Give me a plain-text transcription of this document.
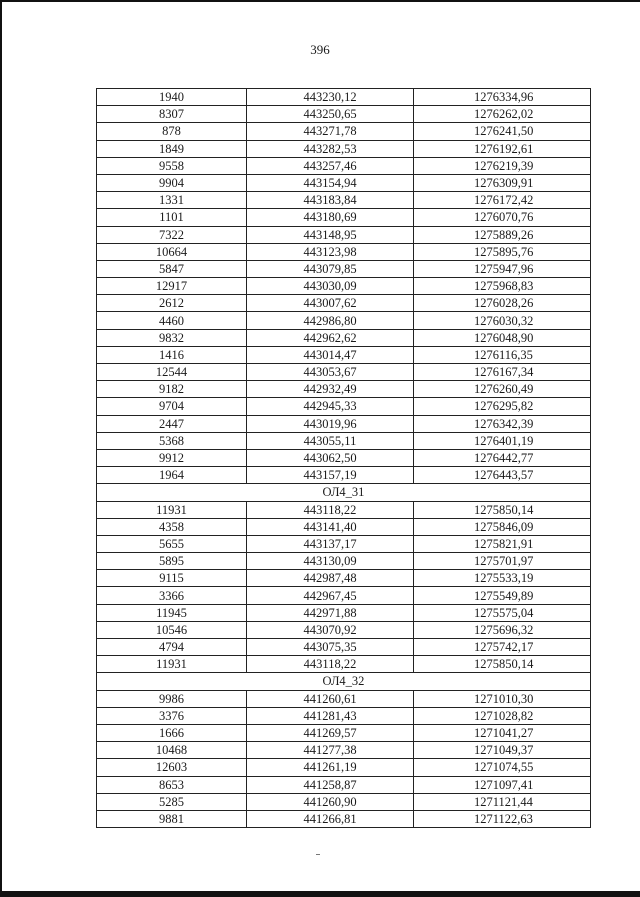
396
1940	443230,12	1276334,96
8307	443250,65	1276262,02
878	443271,78	1276241,50
1849	443282,53	1276192,61
9558	443257,46	1276219,39
9904	443154,94	1276309,91
1331	443183,84	1276172,42
1101	443180,69	1276070,76
7322	443148,95	1275889,26
10664	443123,98	1275895,76
5847	443079,85	1275947,96
12917	443030,09	1275968,83
2612	443007,62	1276028,26
4460	442986,80	1276030,32
9832	442962,62	1276048,90
1416	443014,47	1276116,35
12544	443053,67	1276167,34
9182	442932,49	1276260,49
9704	442945,33	1276295,82
2447	443019,96	1276342,39
5368	443055,11	1276401,19
9912	443062,50	1276442,77
1964	443157,19	1276443,57
ОЛ4_31		
11931	443118,22	1275850,14
4358	443141,40	1275846,09
5655	443137,17	1275821,91
5895	443130,09	1275701,97
9115	442987,48	1275533,19
3366	442967,45	1275549,89
11945	442971,88	1275575,04
10546	443070,92	1275696,32
4794	443075,35	1275742,17
11931	443118,22	1275850,14
ОЛ4_32		
9986	441260,61	1271010,30
3376	441281,43	1271028,82
1666	441269,57	1271041,27
10468	441277,38	1271049,37
12603	441261,19	1271074,55
8653	441258,87	1271097,41
5285	441260,90	1271121,44
9881	441266,81	1271122,63
